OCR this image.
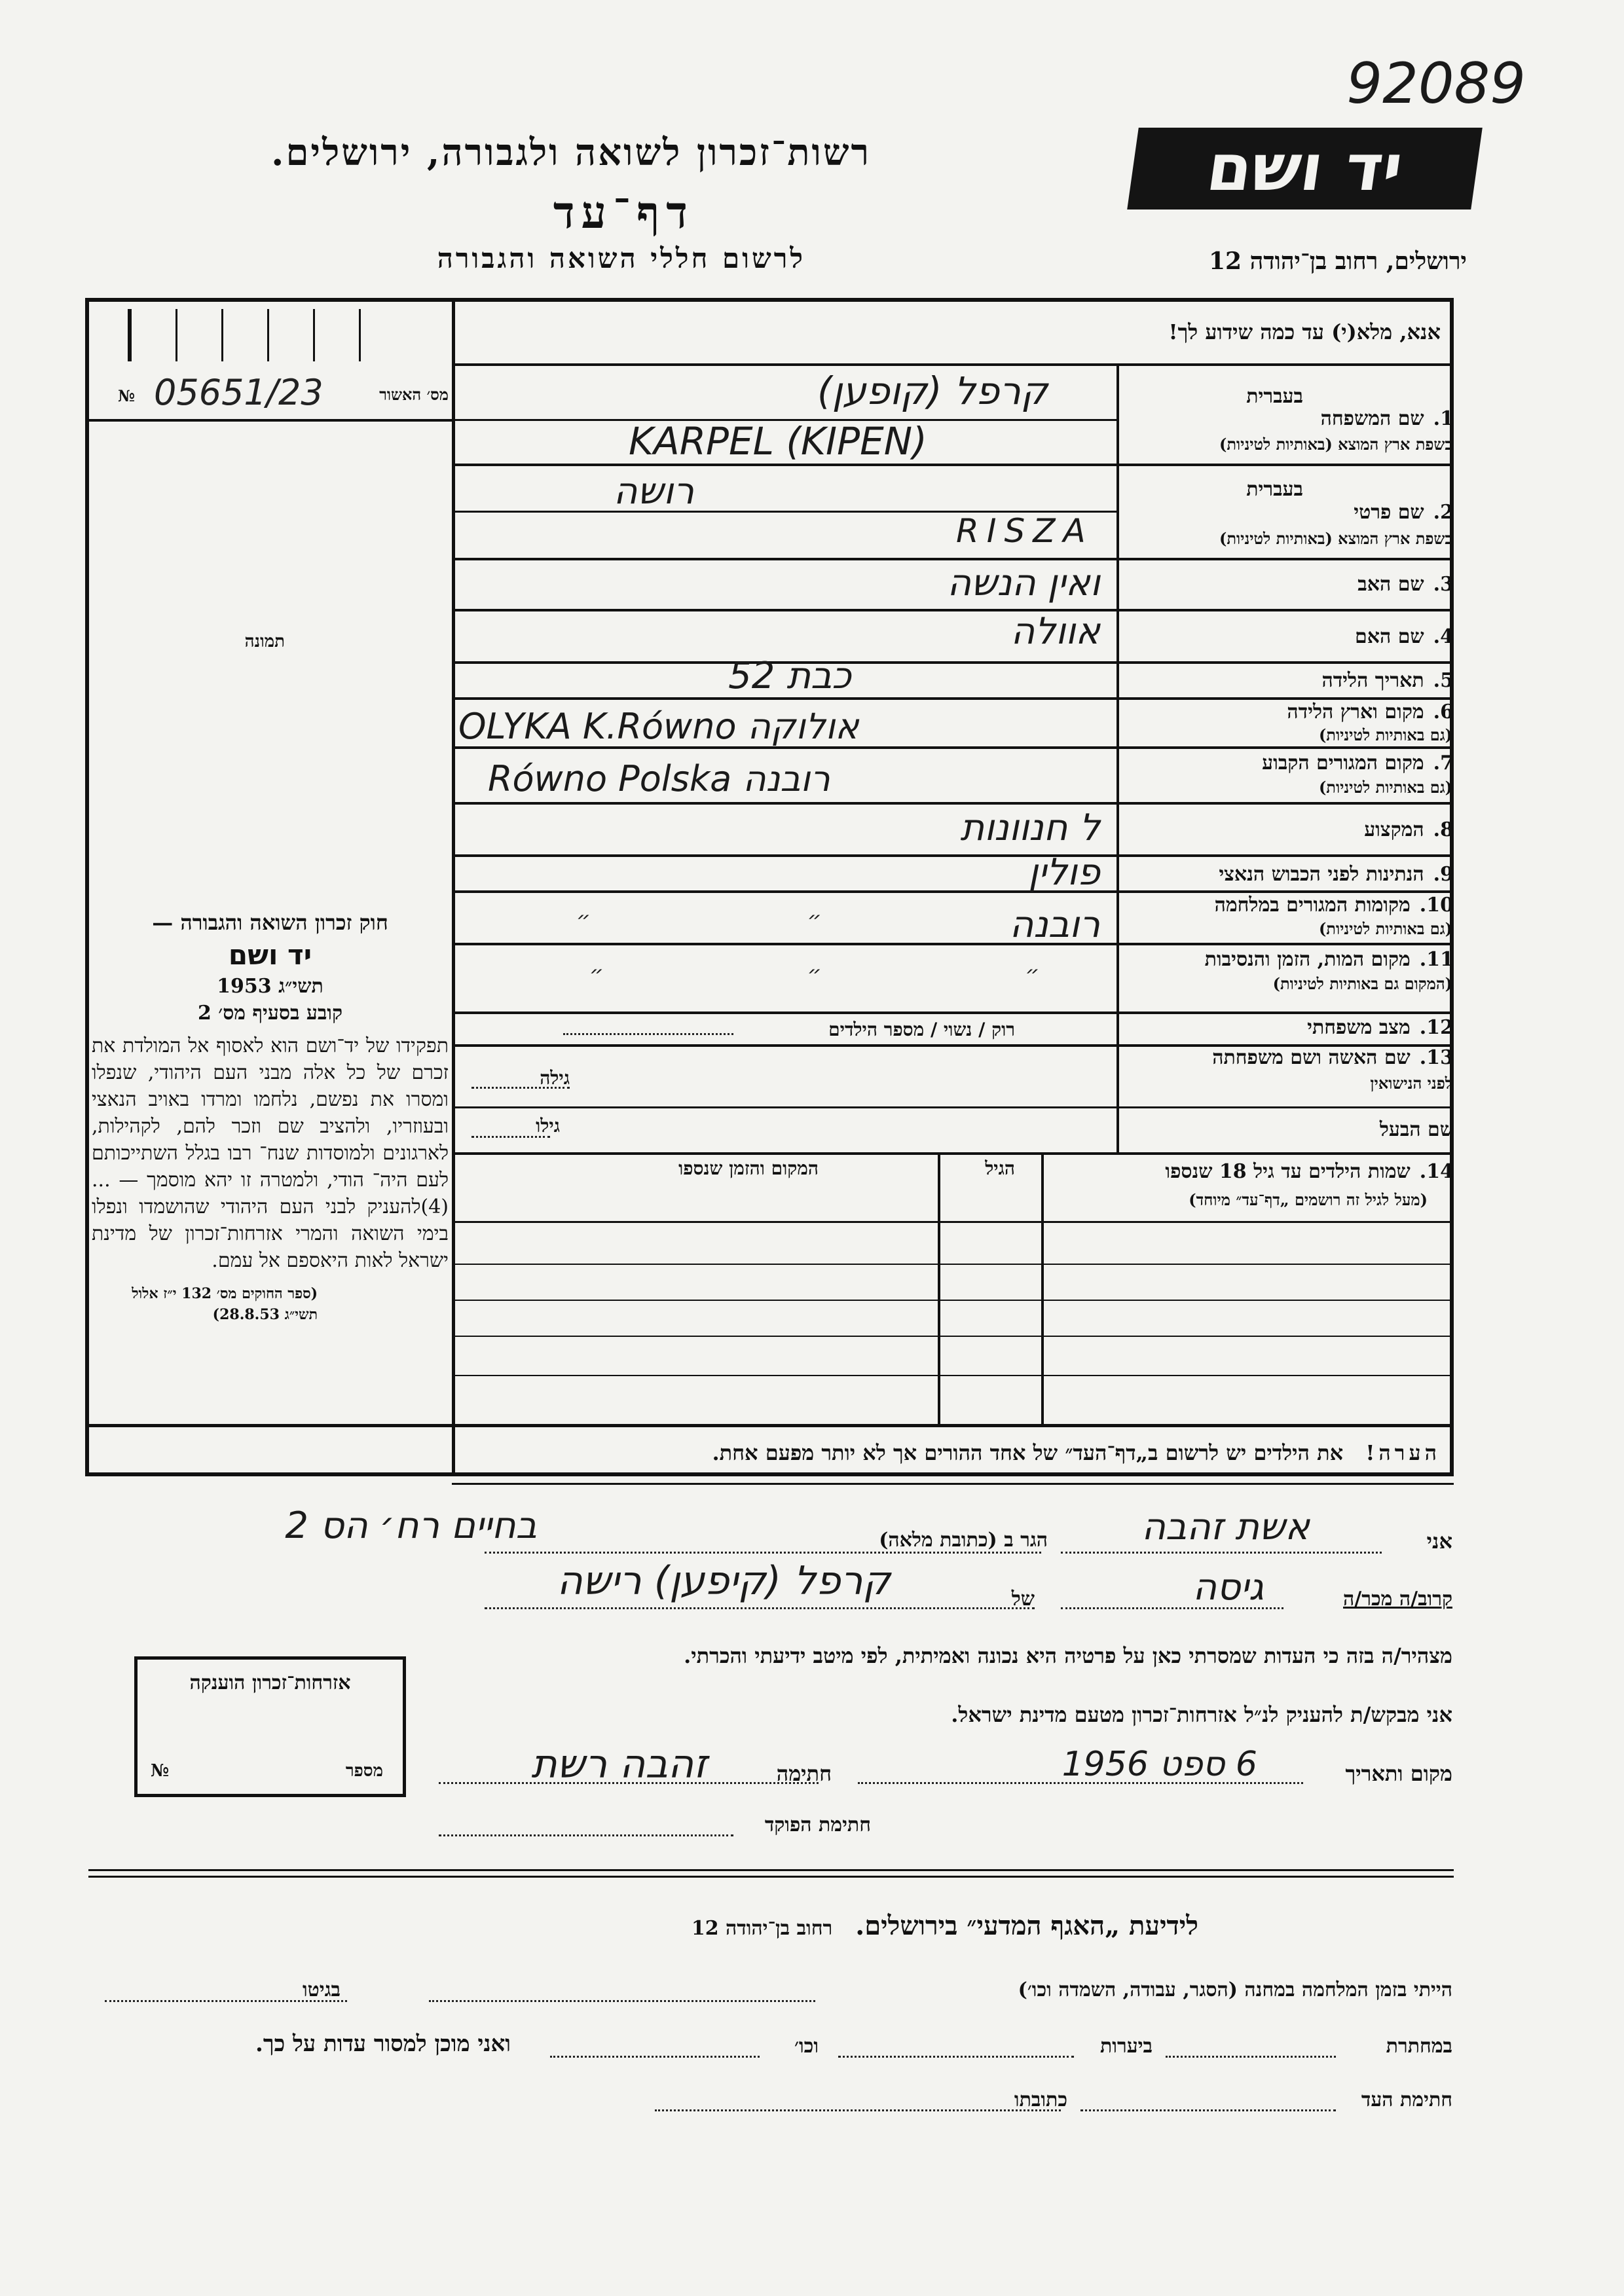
92089
יד ושם
רשות־זכרון לשואה ולגבורה, ירושלים.
דף־עד
לרשום חללי השואה והגבורה	ירושלים, רחוב בן־יהודה 12
מס׳ האשור
№ 05651/23
תמונה
אנא, מלא(י) עד כמה שידוע לך!
בעברית
1.שם המשפחה
בשפת ארץ המוצא (באותיות לטיניות)
קרפל (קופען)
KARPEL (KIPEN)
בעברית
2.שם פרטי
בשפת ארץ המוצא (באותיות לטיניות)
רושה
RISZA
3.שם האב
ואין הנשה
4.שם האם
אוולה
5.תאריך הלידה
כבת 52
6.מקום וארץ הלידה
(גם באותיות לטיניות)
OLYKA K.Równo אולוקה
7.מקום המגורים הקבוע
(גם באותיות לטיניות)
Równo Polska רובנה
8.המקצוע
ל חנוונות
9.הנתינות לפני הכבוש הנאצי
פולין
10.מקומות המגורים במלחמה
(גם באותיות לטיניות)
רובנה
״ ״
11.מקום המות, הזמן והנסיבות
(המקום גם באותיות לטיניות)
״ ״ ״
12.מצב משפחתי
רוק / נשוי / מספר הילדים
13.שם האשה ושם משפחתה
לפני הנישואין
גילה
שם הבעל
גילו
14.שמות הילדים עד גיל 18 שנספו
(מעל לגיל זה רושמים „דף־עד״ מיוחד)
הגיל
המקום והזמן שנספו
חוק זכרון השואה והגבורה —
יד ושם
תשי״ג 1953
קובע בסעיף מס׳ 2
תפקידו של יד־ושם הוא לאסוף אל המולדת את זכרם של כל אלה מבני העם היהודי, שנפלו ומסרו את נפשם, נלחמו ומרדו באויב הנאצי ובעוזריו, ולהציב שם וזכר להם, לקהילות, לארגונים ולמוסדות שנח־ רבו בגלל השתייכותם לעם היה־ הודי, ולמטרה זו יהא מוסמך — ...(4)להעניק לבני העם היהודי שהושמדו ונפלו בימי השואה והמרי אזרחות־זכרון של מדינת ישראל לאות היאספם אל עמם.
(ספר החוקים מס׳ 132 י״ז אלול תשי״ג 28.8.53)
הערה! את הילדים יש לרשום ב„דף־העד״ של אחד ההורים אך לא יותר מפעם אחת.
אני
אשת זהבה
הגר ב (כתובת מלאה)
בחיים רח׳ הס 2
קרוב/ה מכר/ה
גיסה
של
קרפל (קיפען) רישה
מצהיר/ה בזה כי העדות שמסרתי כאן על פרטיה היא נכונה ואמיתית, לפי מיטב ידיעתי והכרתי.
אני מבקש/ת להעניק לנ״ל אזרחות־זכרון מטעם מדינת ישראל.
מקום ותאריך
6 ספט 1956
חתימה
זהבה רשת
חתימת הפוקד
אזרחות־זכרון הוענקה
מספר
№
לידיעת „האגף המדעי״ בירושלים. רחוב בן־יהודה 12
הייתי בזמן המלחמה במחנה (הסגר, עבודה, השמדה וכו׳)
בגיטו
במחתרת
ביערות
וכו׳
ואני מוכן למסור עדות על כך.
חתימת העד
כתובתו
